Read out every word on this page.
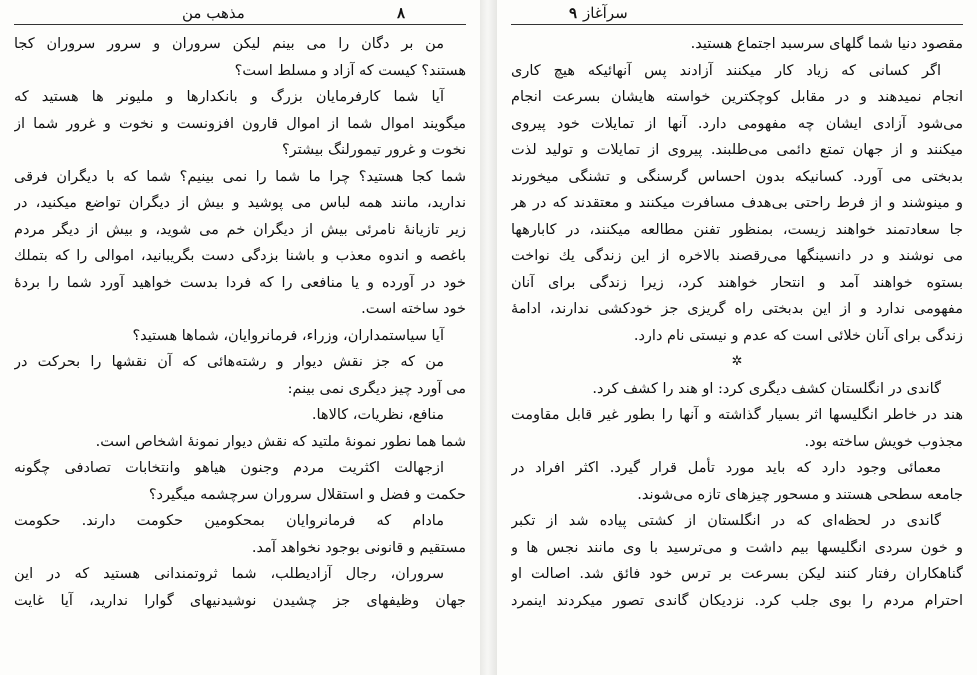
مذهب من	۸
من بر دگان را می بینم لیکن سروران و سرور سروران کجا
هستند؟ کیست که آزاد و مسلط است؟
آیا شما کارفرمایان بزرگ و بانکدارها و ملیونر ها هستید که
میگویند اموال شما از اموال قارون افزونست و نخوت و غرور شما از
نخوت و غرور تیمورلنگ بیشتر؟
شما کجا هستید؟ چرا ما شما را نمی بینیم؟ شما که با دیگران فرقی
ندارید، مانند همه لباس می پوشید و بیش از دیگران تواضع میکنید، در
زیر تازیانهٔ نامرئی بیش از دیگران خم می شوید، و بیش از دیگر مردم
باغصه و اندوه معذب و باشنا بزدگی دست بگریبانید، اموالی را که بتملك
خود در آورده و یا منافعی را که فردا بدست خواهید آورد شما را بردهٔ
خود ساخته است.
آیا سیاستمداران، وزراء، فرمانروایان، شماها هستید؟
من که جز نقش دیوار و رشته‌هائی که آن نقشها را بحرکت در
می آورد چیز دیگری نمی بینم:
منافع، نظریات، کالاها.
شما هما نطور نمونهٔ ملتید که نقش دیوار نمونهٔ اشخاص است.
ازجهالت اکثریت مردم وجنون هیاهو وانتخابات تصادفی چگونه
حکمت و فضل و استقلال سروران سرچشمه میگیرد؟
مادام که فرمانروایان بمحکومین حکومت دارند. حکومت
مستقیم و قانونی بوجود نخواهد آمد.
سروران، رجال آزادیطلب، شما ثروتمندانی هستید که در این
جهان وظیفهای جز چشیدن نوشیدنیهای گوارا ندارید، آیا غایت
سرآغاز
۹
مقصود دنیا شما گلهای سرسبد اجتماع هستید.
اگر کسانی که زیاد کار میکنند آزادند پس آنهائیکه هیچ کاری
انجام نمیدهند و در مقابل کوچکترین خواسته هایشان بسرعت انجام
می‌شود آزادی ایشان چه مفهومی دارد. آنها از تمایلات خود پیروی
میکنند و از جهان تمتع دائمی می‌طلبند. پیروی از تمایلات و تولید لذت
بدبختی می آورد. کسانیکه بدون احساس گرسنگی و تشنگی میخورند
و مینوشند و از فرط راحتی بی‌هدف مسافرت میکنند و معتقدند که در هر
جا سعادتمند خواهند زیست، بمنظور تفنن مطالعه میکنند، در کابارهها
می نوشند و در دانسینگها می‌رقصند بالاخره از این زندگی یك نواخت
بستوه خواهند آمد و انتحار خواهند کرد، زیرا زندگی برای آنان
مفهومی ندارد و از این بدبختی راه گریزی جز خودکشی ندارند، ادامهٔ
زندگی برای آنان خلائی است که عدم و نیستی نام دارد.
✲
گاندی در انگلستان کشف دیگری کرد: او هند را کشف کرد.
هند در خاطر انگلیسها اثر بسیار گذاشته و آنها را بطور غیر قابل مقاومت
مجذوب خویش ساخته بود.
معمائی وجود دارد که باید مورد تأمل قرار گیرد. اکثر افراد در
جامعه سطحی هستند و مسحور چیزهای تازه می‌شوند.
گاندی در لحظه‌ای که در انگلستان از کشتی پیاده شد از تکبر
و خون سردی انگلیسها بیم داشت و می‌ترسید با وی مانند نجس ها و
گناهکاران رفتار کنند لیکن بسرعت بر ترس خود فائق شد. اصالت او
احترام مردم را بوی جلب کرد. نزدیکان گاندی تصور میکردند اینمرد
